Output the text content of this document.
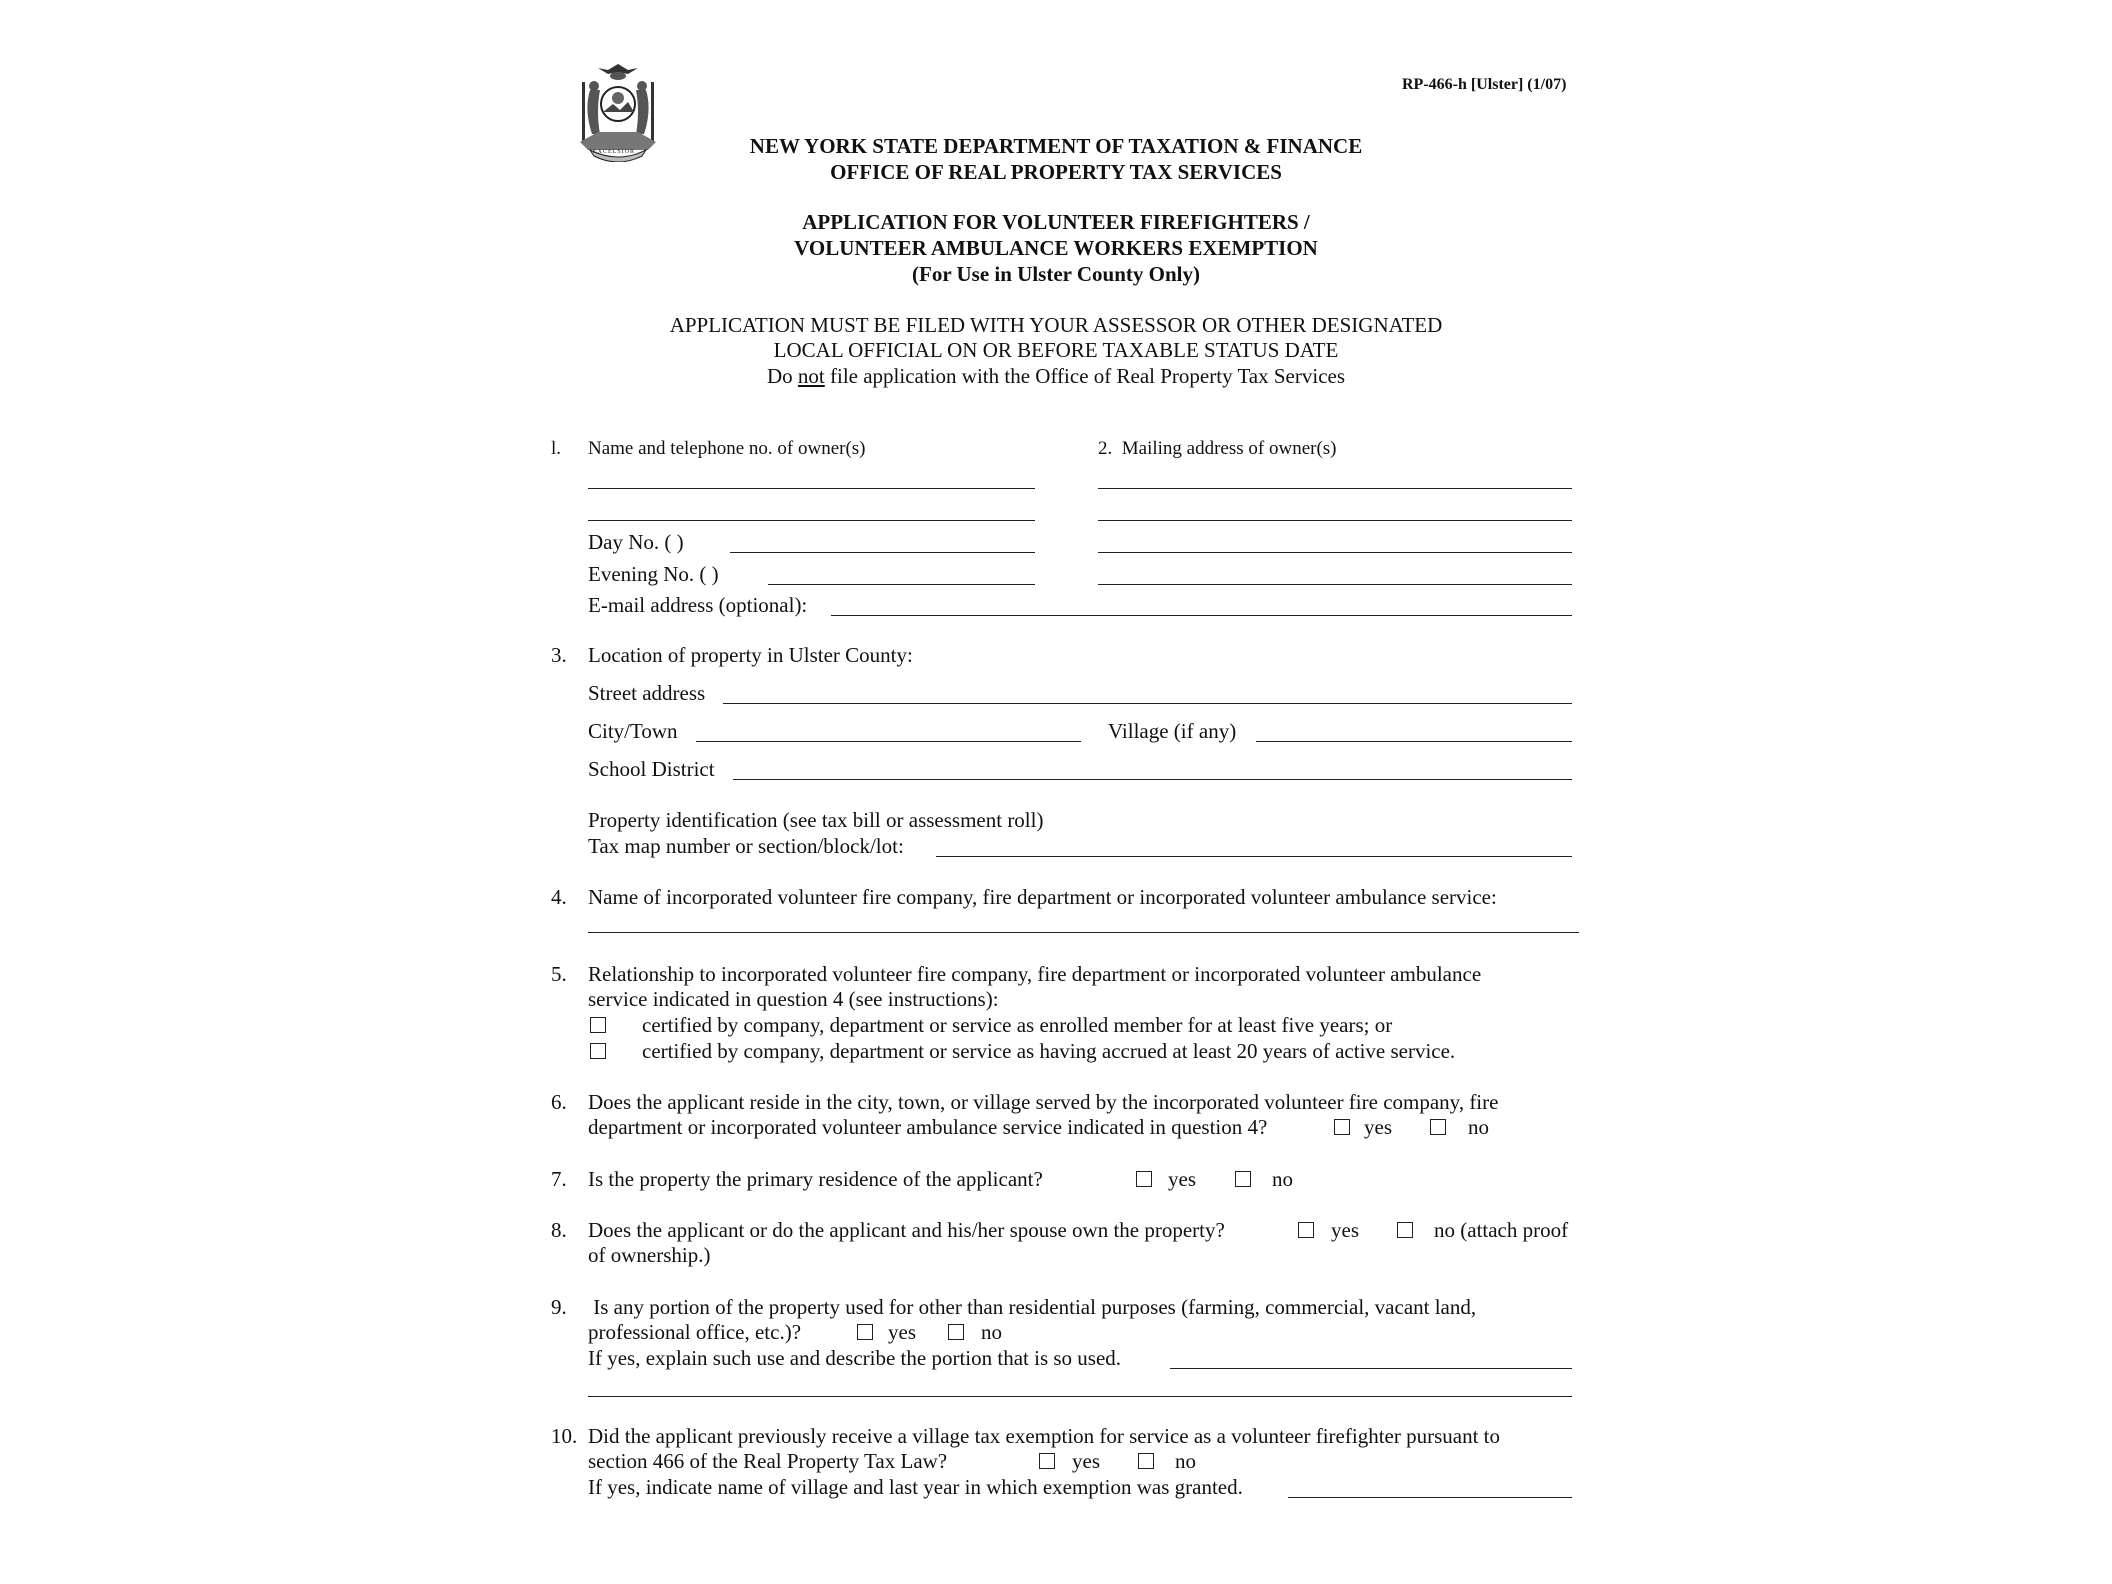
EXCELSIOR
RP-466-h [Ulster] (1/07)
NEW YORK STATE DEPARTMENT OF TAXATION & FINANCE
OFFICE OF REAL PROPERTY TAX SERVICES
APPLICATION FOR VOLUNTEER FIREFIGHTERS /
VOLUNTEER AMBULANCE WORKERS EXEMPTION
(For Use in Ulster County Only)
APPLICATION MUST BE FILED WITH YOUR ASSESSOR OR OTHER DESIGNATED
LOCAL OFFICIAL ON OR BEFORE TAXABLE STATUS DATE
Do not file application with the Office of Real Property Tax Services
l. Name and telephone no. of owner(s)	2. Mailing address of owner(s)
Day No. ( )
Evening No. ( )
E-mail address (optional):
3. Location of property in Ulster County:
Street address
City/Town	Village (if any)
School District
Property identification (see tax bill or assessment roll)
Tax map number or section/block/lot:
4. Name of incorporated volunteer fire company, fire department or incorporated volunteer ambulance service:
5. Relationship to incorporated volunteer fire company, fire department or incorporated volunteer ambulance
service indicated in question 4 (see instructions):
certified by company, department or service as enrolled member for at least five years; or
certified by company, department or service as having accrued at least 20 years of active service.
6. Does the applicant reside in the city, town, or village served by the incorporated volunteer fire company, fire
department or incorporated volunteer ambulance service indicated in question 4?	yes	no
7. Is the property the primary residence of the applicant?	yes	no
8. Does the applicant or do the applicant and his/her spouse own the property?	yes	no (attach proof
of ownership.)
9. Is any portion of the property used for other than residential purposes (farming, commercial, vacant land,
professional office, etc.)?	yes	no
If yes, explain such use and describe the portion that is so used.
10. Did the applicant previously receive a village tax exemption for service as a volunteer firefighter pursuant to
section 466 of the Real Property Tax Law?	yes	no
If yes, indicate name of village and last year in which exemption was granted.
